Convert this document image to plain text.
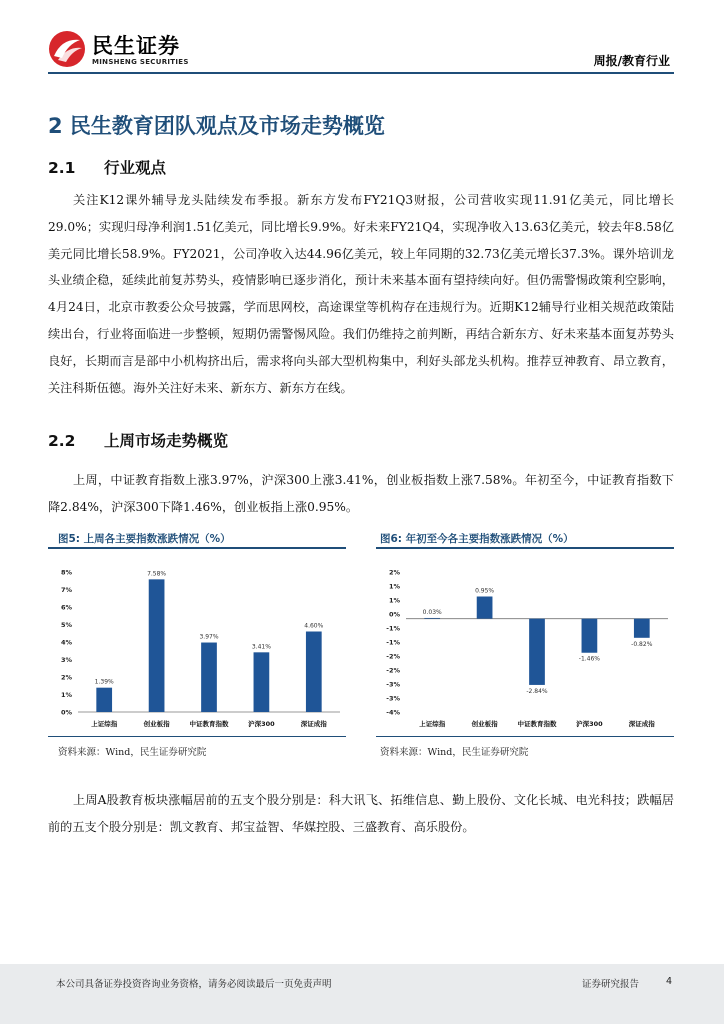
民生证券
MINSHENG SECURITIES	周报/教育行业
2 民生教育团队观点及市场走势概览
2.1 行业观点

关注K12课外辅导龙头陆续发布季报。新东方发布FY21Q3财报，公司营收实现11.91亿美元，同比增长29.0%；实现归母净利润1.51亿美元，同比增长9.9%。好未来FY21Q4，实现净收入13.63亿美元，较去年8.58亿美元同比增长58.9%。FY2021，公司净收入达44.96亿美元，较上年同期的32.73亿美元增长37.3%。课外培训龙头业绩企稳，延续此前复苏势头，疫情影响已逐步消化，预计未来基本面有望持续向好。但仍需警惕政策利空影响，4月24日，北京市教委公众号披露，学而思网校，高途课堂等机构存在违规行为。近期K12辅导行业相关规范政策陆续出台，行业将面临进一步整顿，短期仍需警惕风险。我们仍维持之前判断，再结合新东方、好未来基本面复苏势头良好，长期而言是部中小机构挤出后，需求将向头部大型机构集中，利好头部龙头机构。推荐豆神教育、昂立教育，关注科斯伍德。海外关注好未来、新东方、新东方在线。

2.2 上周市场走势概览

上周，中证教育指数上涨3.97%，沪深300上涨3.41%，创业板指数上涨7.58%。年初至今，中证教育指数下降2.84%，沪深300下降1.46%，创业板指上涨0.95%。

图5: 上周各主要指数涨跌情况（%）
0%
1%
2%
3%
4%
5%
6%
7%
8%
1.39%
上证综指
7.58%
创业板指
3.97%
中证教育指数
3.41%
沪深300
4.60%
深证成指
资料来源：Wind，民生证券研究院
图6: 年初至今各主要指数涨跌情况（%）
-4%
-3%
-3%
-2%
-2%
-1%
-1%
0%
1%
1%
2%
0.03%
上证综指
0.95%
创业板指
-2.84%
中证教育指数
-1.46%
沪深300
-0.82%
深证成指
资料来源：Wind，民生证券研究院

上周A股教育板块涨幅居前的五支个股分别是：科大讯飞、拓维信息、勤上股份、文化长城、电光科技；跌幅居前的五支个股分别是：凯文教育、邦宝益智、华媒控股、三盛教育、高乐股份。

本公司具备证券投资咨询业务资格，请务必阅读最后一页免责声明	证券研究报告	4
